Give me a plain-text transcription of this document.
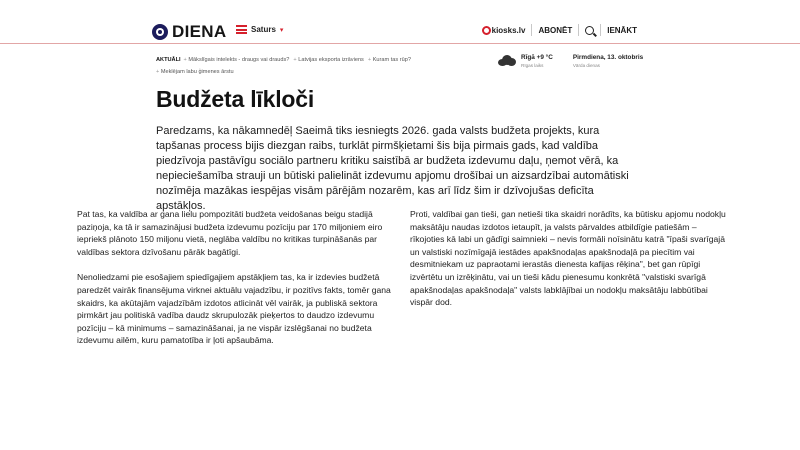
DIENA	Saturs ▾	kiosks.lv ABONĒT	IENĀKT
AKTUĀLI + Mākslīgais intelekts - draugs vai drauds? + Latvijas eksporta izrāviens + Kuram tas rūp?
+ Meklējam labu ģimenes ārstu
Rīgā +9 °C
Rīgas laiks
Pirmdiena, 13. oktobris
Vārda dienas
Budžeta līkloči

Paredzams, ka nākamnedēļ Saeimā tiks iesniegts 2026. gada valsts budžeta projekts, kura tapšanas process bijis diezgan raibs, turklāt pirmšķietami šis bija pirmais gads, kad valdība piedzīvoja pastāvīgu sociālo partneru kritiku saistībā ar budžeta izdevumu daļu, ņemot vērā, ka nepieciešamība strauji un būtiski palielināt izdevumu apjomu drošībai un aizsardzībai automātiski nozīmēja mazākas iespējas visām pārējām nozarēm, kas arī līdz šim ir dzīvojušas deficīta apstākļos.

Pat tas, ka valdība ar gana lielu pompozitāti budžeta veidošanas beigu stadijā paziņoja, ka tā ir samazinājusi budžeta izdevumu pozīciju par 170 miljoniem eiro iepriekš plānoto 150 miljonu vietā, neglāba valdību no kritikas turpināšanās par valdības sektora dzīvošanu pārāk bagātīgi.

Nenoliedzami pie esošajiem spiedīgajiem apstākļiem tas, ka ir izdevies budžetā paredzēt vairāk finansējuma virknei aktuālu vajadzību, ir pozitīvs fakts, tomēr gana skaidrs, ka akūtajām vajadzībām izdotos atlicināt vēl vairāk, ja publiskā sektora pirmkārt jau politiskā vadība daudz skrupulozāk pieķertos to daudzo izdevumu pozīciju – kā minimums – samazināšanai, ja ne vispār izslēgšanai no budžeta izdevumu ailēm, kuru pamatotība ir ļoti apšaubāma.

Proti, valdībai gan tieši, gan netieši tika skaidri norādīts, ka būtisku apjomu nodokļu maksātāju naudas izdotos ietaupīt, ja valsts pārvaldes atbildīgie patiešām – rīkojoties kā labi un gādīgi saimnieki – nevis formāli noīsinātu katrā "īpaši svarīgajā un valstiski nozīmīgajā iestādes apakšnodaļas apakšnodaļā pa piecītim vai desmitniekam uz papraotami ierastās dienesta kafijas rēķina", bet gan rūpīgi izvērtētu un izrēķinātu, vai un tieši kādu pienesumu konkrētā "valstiski svarīgā apakšnodaļas apakšnodaļa" valsts labklājībai un nodokļu maksātāju labbūtībai vispār dod.
